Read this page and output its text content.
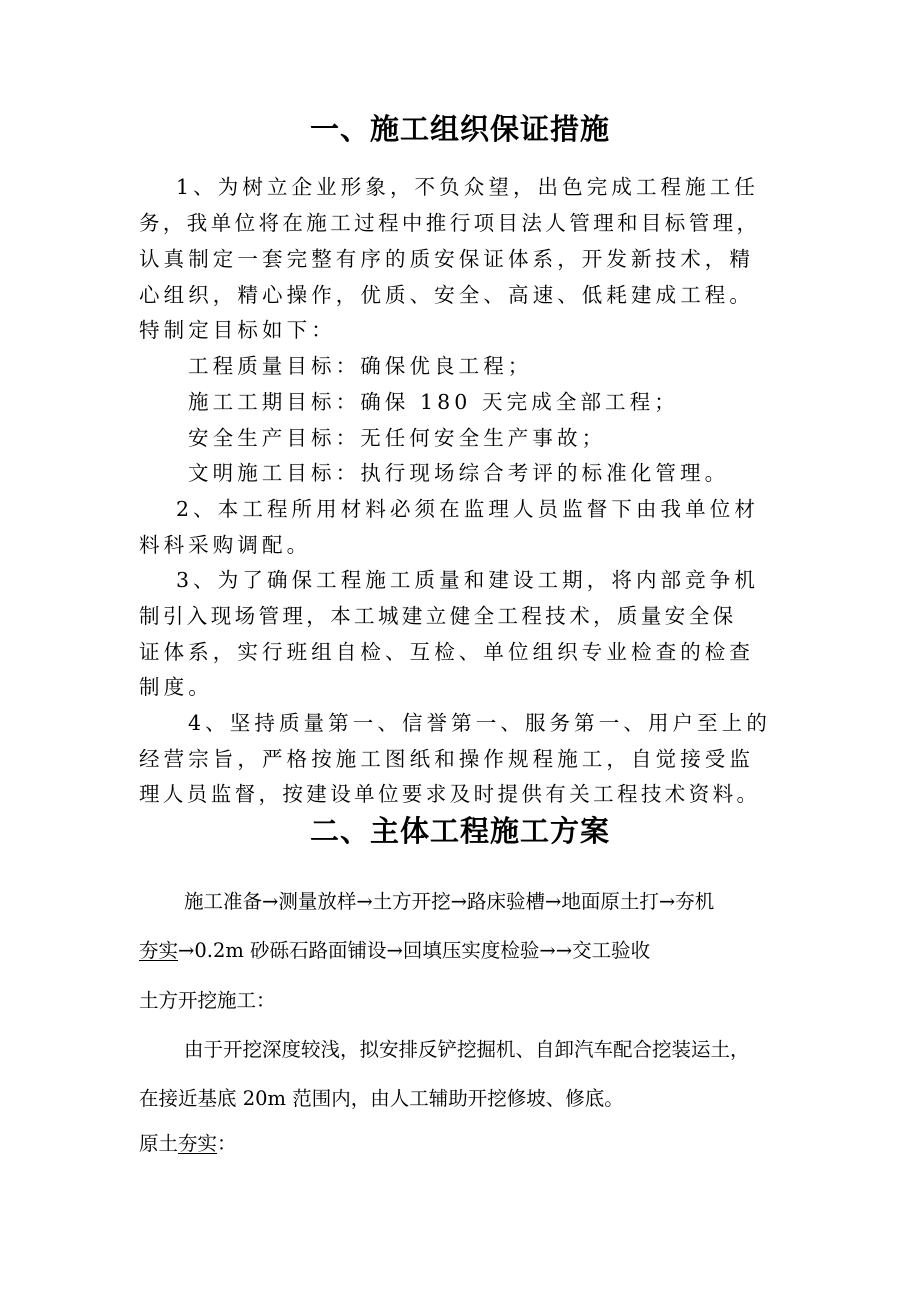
一、施工组织保证措施
1、为树立企业形象，不负众望，出色完成工程施工任
务，我单位将在施工过程中推行项目法人管理和目标管理，
认真制定一套完整有序的质安保证体系，开发新技术，精
心组织，精心操作，优质、安全、高速、低耗建成工程。
特制定目标如下：
工程质量目标：确保优良工程；
施工工期目标：确保 180 天完成全部工程；
安全生产目标：无任何安全生产事故；
文明施工目标：执行现场综合考评的标准化管理。
2、本工程所用材料必须在监理人员监督下由我单位材
料科采购调配。
3、为了确保工程施工质量和建设工期，将内部竞争机
制引入现场管理，本工城建立健全工程技术，质量安全保
证体系，实行班组自检、互检、单位组织专业检查的检查
制度。
4、坚持质量第一、信誉第一、服务第一、用户至上的
经营宗旨，严格按施工图纸和操作规程施工，自觉接受监
理人员监督，按建设单位要求及时提供有关工程技术资料。
二、主体工程施工方案
施工准备→测量放样→土方开挖→路床验槽→地面原土打→夯机
夯实→0.2m 砂砾石路面铺设→回填压实度检验→→交工验收
土方开挖施工：
由于开挖深度较浅，拟安排反铲挖掘机、自卸汽车配合挖装运土，
在接近基底 20m 范围内，由人工辅助开挖修坡、修底。
原土夯实：
